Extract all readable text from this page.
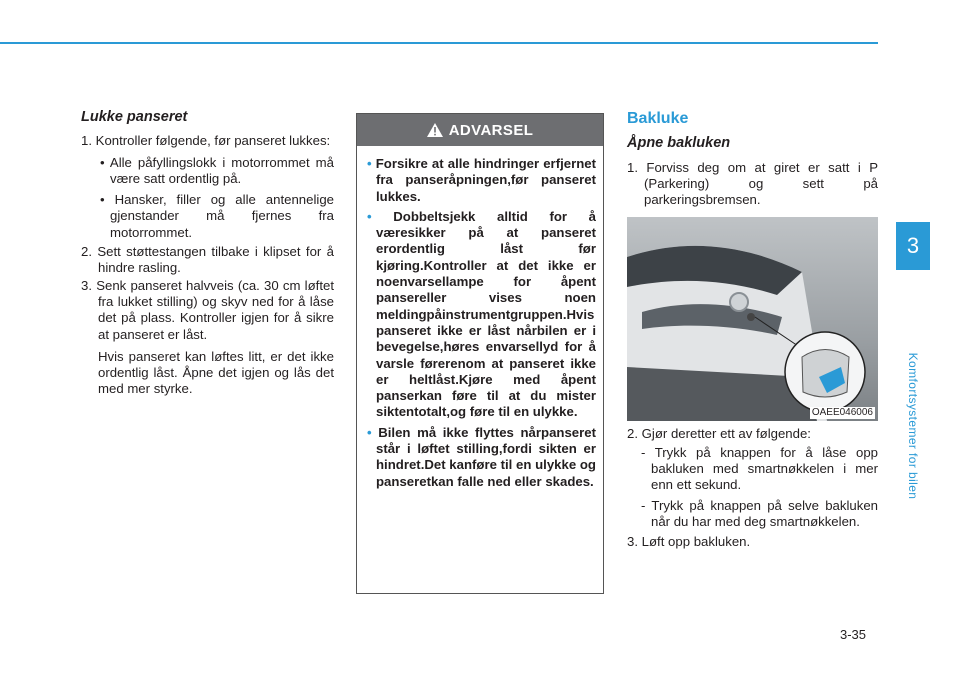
3
Komfortsystemer for bilen
Lukke panseret
1. Kontroller følgende, før panseret lukkes:
• Alle påfyllingslokk i motorrommet må være satt ordentlig på.
• Hansker, filler og alle antennelige gjenstander må fjernes fra motorrommet.
2. Sett støttestangen tilbake i klipset for å hindre rasling.
3. Senk panseret halvveis (ca. 30 cm løftet fra lukket stilling) og skyv ned for å låse det på plass. Kontroller igjen for å sikre at panseret er låst.
Hvis panseret kan løftes litt, er det ikke ordentlig låst. Åpne det igjen og lås det med mer styrke.
ADVARSEL
• Forsikre at alle hindringer erfjernet fra panseråpningen,før panseret lukkes.
• Dobbeltsjekk alltid for å væresikker på at panseret erordentlig låst før kjøring.Kontroller at det ikke er noenvarsellampe for åpent pansereller vises noen meldingpåinstrumentgruppen.Hvis panseret ikke er låst nårbilen er i bevegelse,høres envarsellyd for å varsle førerenom at panseret ikke er heltlåst.Kjøre med åpent panserkan føre til at du mister siktentotalt,og føre til en ulykke.
• Bilen må ikke flyttes nårpanseret står i løftet stilling,fordi sikten er hindret.Det kanføre til en ulykke og panseretkan falle ned eller skades.
Bakluke
Åpne bakluken
1. Forviss deg om at giret er satt i P (Parkering) og sett på parkeringsbremsen.
OAEE046006
2. Gjør deretter ett av følgende:
- Trykk på knappen for å låse opp bakluken med smartnøkkelen i mer enn ett sekund.
- Trykk på knappen på selve bakluken når du har med deg smartnøkkelen.
3. Løft opp bakluken.
3-35
